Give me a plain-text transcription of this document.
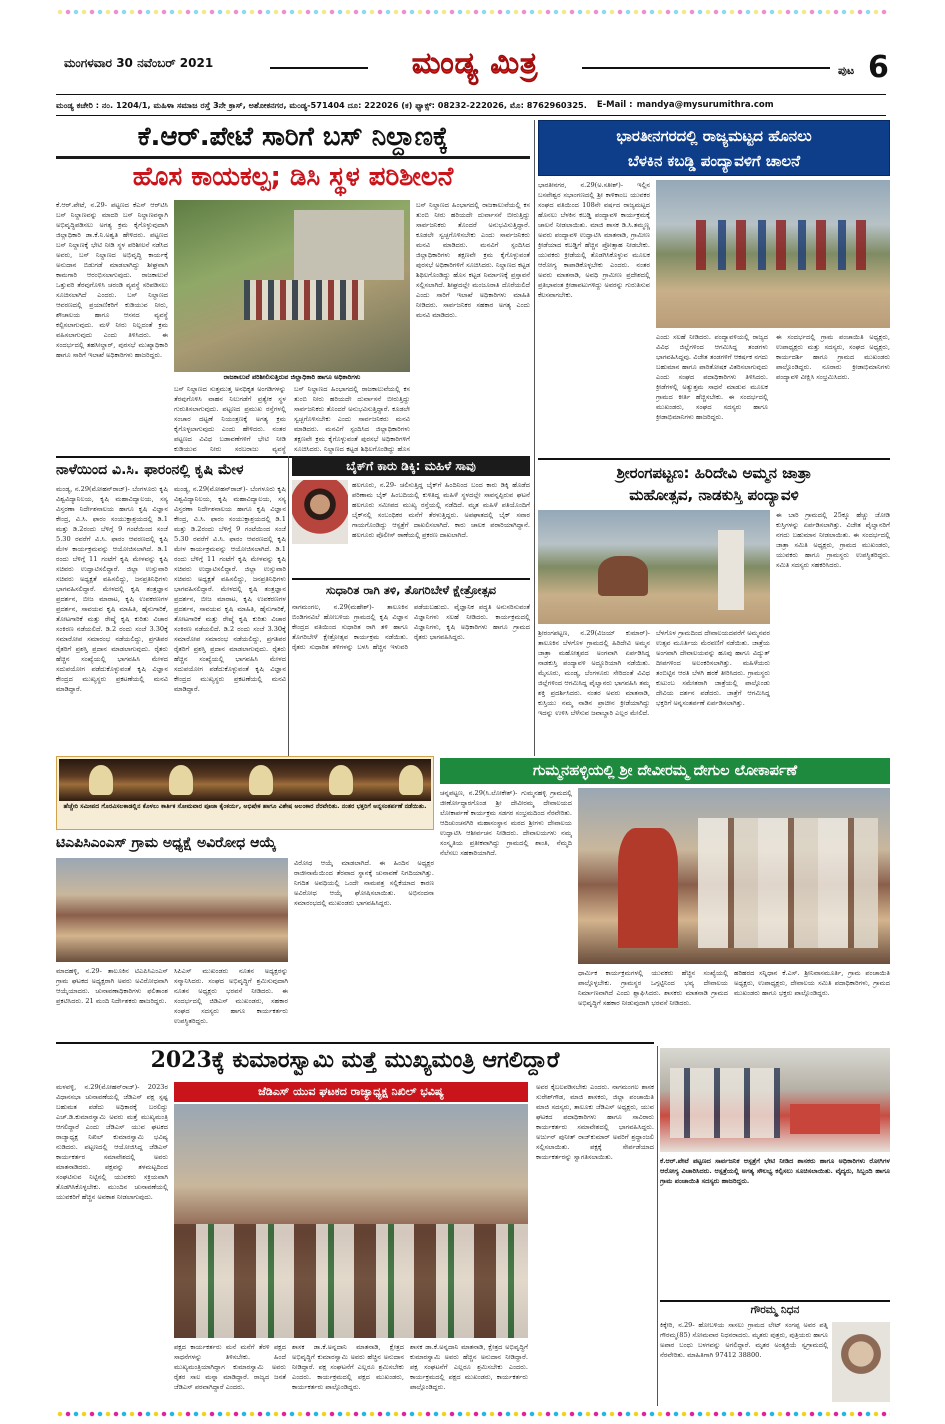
ಮಂಗಳವಾರ 30 ನವೆಂಬರ್ 2021	ಮಂಡ್ಯ ಮಿತ್ರ	ಪುಟ 6
ಮಂಡ್ಯ ಕಚೇರಿ : ನಂ. 1204/1, ಮಹಿಳಾ ಸಮಾಜ ರಸ್ತೆ 3ನೇ ಕ್ರಾಸ್, ಅಶೋಕನಗರ, ಮಂಡ್ಯ-571404 ದೂ: 222026 (ಕ) ಫ್ಯಾಕ್ಸ್: 08232-222026, ಮೊ: 8762960325. E-Mail : mandya@mysurumithra.com
ಕೆ.ಆರ್.ಪೇಟೆ ಸಾರಿಗೆ ಬಸ್ ನಿಲ್ದಾಣಕ್ಕೆ
ಹೊಸ ಕಾಯಕಲ್ಪ; ಡಿಸಿ ಸ್ಥಳ ಪರಿಶೀಲನೆ
ಕೆ.ಆರ್.ಪೇಟೆ, ನ.29- ಪಟ್ಟಣದ ಕೆಎಸ್ ಆರ್‌ಟಿಸಿ ಬಸ್ ನಿಲ್ದಾಣವನ್ನು ಮಾದರಿ ಬಸ್ ನಿಲ್ದಾಣವನ್ನಾಗಿ ಅಭಿವೃದ್ಧಿಪಡಿಸಲು ಅಗತ್ಯ ಕ್ರಮ ಕೈಗೊಳ್ಳುವುದಾಗಿ ಜಿಲ್ಲಾಧಿಕಾರಿ ಡಾ.ಕೆ.ನಿ.ಅಶ್ವತಿ ಹೇಳಿದರು. ಪಟ್ಟಣದ ಬಸ್ ನಿಲ್ದಾಣಕ್ಕೆ ಭೇಟಿ ನೀಡಿ ಸ್ಥಳ ಪರಿಶೀಲನೆ ನಡೆಸಿದ ಅವರು, ಬಸ್ ನಿಲ್ದಾಣದ ಅಭಿವೃದ್ಧಿ ಕಾರ್ಯಕ್ಕೆ ಅನುದಾನ ಬಿಡುಗಡೆ ಮಾಡಲಾಗಿದ್ದು ಶೀಘ್ರವಾಗಿ ಕಾಮಗಾರಿ ಆರಂಭಿಸಲಾಗುವುದು. ರಾಜಕಾಲುವೆ ಒತ್ತುವರಿ ತೆರವುಗೊಳಿಸಿ ಚರಂಡಿ ವ್ಯವಸ್ಥೆ ಸರಿಪಡಿಸಲು ಸೂಚಿಸಲಾಗಿದೆ ಎಂದರು. ಬಸ್ ನಿಲ್ದಾಣದ ಆವರಣದಲ್ಲಿ ಪ್ರಯಾಣಿಕರಿಗೆ ಕುಡಿಯುವ ನೀರು, ಶೌಚಾಲಯ ಹಾಗೂ ಆಸನದ ವ್ಯವಸ್ಥೆ ಕಲ್ಪಿಸಲಾಗುವುದು. ಮಳೆ ನೀರು ನಿಲ್ಲದಂತೆ ಕ್ರಮ ವಹಿಸಲಾಗುವುದು ಎಂದು ತಿಳಿಸಿದರು. ಈ ಸಂದರ್ಭದಲ್ಲಿ ತಹಸೀಲ್ದಾರ್, ಪುರಸಭೆ ಮುಖ್ಯಾಧಿಕಾರಿ ಹಾಗೂ ಸಾರಿಗೆ ಇಲಾಖೆ ಅಧಿಕಾರಿಗಳು ಹಾಜರಿದ್ದರು.
ರಾಜಕಾಲುವೆ ಪರಿಶೀಲಿಸುತ್ತಿರುವ ಜಿಲ್ಲಾಧಿಕಾರಿ ಹಾಗೂ ಅಧಿಕಾರಿಗಳು
ಬಸ್ ನಿಲ್ದಾಣದ ಸುತ್ತಮುತ್ತ ಅನಧಿಕೃತ ಅಂಗಡಿಗಳನ್ನು ತೆರವುಗೊಳಿಸಿ ವಾಹನ ನಿಲುಗಡೆಗೆ ಪ್ರತ್ಯೇಕ ಸ್ಥಳ ಗುರುತಿಸಲಾಗುವುದು. ಪಟ್ಟಣದ ಪ್ರಮುಖ ರಸ್ತೆಗಳಲ್ಲಿ ಸಂಚಾರ ದಟ್ಟಣೆ ನಿಯಂತ್ರಣಕ್ಕೆ ಅಗತ್ಯ ಕ್ರಮ ಕೈಗೊಳ್ಳಲಾಗುವುದು ಎಂದು ಹೇಳಿದರು. ನಂತರ ಪಟ್ಟಣದ ವಿವಿಧ ಬಡಾವಣೆಗಳಿಗೆ ಭೇಟಿ ನೀಡಿ ಕುಡಿಯುವ ನೀರು ಸರಬರಾಜು ವ್ಯವಸ್ಥೆ
ಬಸ್ ನಿಲ್ದಾಣದ ಹಿಂಭಾಗದಲ್ಲಿ ರಾಜಕಾಲುವೆಯಲ್ಲಿ ಕಸ ತುಂಬಿ ನೀರು ಹರಿಯದೇ ದುರ್ವಾಸನೆ ಬೀರುತ್ತಿದ್ದು ಸಾರ್ವಜನಿಕರು ತೊಂದರೆ ಅನುಭವಿಸುತ್ತಿದ್ದಾರೆ. ಕೂಡಲೇ ಸ್ವಚ್ಛಗೊಳಿಸಬೇಕು ಎಂದು ಸಾರ್ವಜನಿಕರು ಮನವಿ ಮಾಡಿದರು. ಮನವಿಗೆ ಸ್ಪಂದಿಸಿದ ಜಿಲ್ಲಾಧಿಕಾರಿಗಳು ತಕ್ಷಣವೇ ಕ್ರಮ ಕೈಗೊಳ್ಳುವಂತೆ ಪುರಸಭೆ ಅಧಿಕಾರಿಗಳಿಗೆ ಸೂಚಿಸಿದರು. ನಿಲ್ದಾಣದ ಕಟ್ಟಡ ಶಿಥಿಲಗೊಂಡಿದ್ದು ಹೊಸ
ಬಸ್ ನಿಲ್ದಾಣದ ಹಿಂಭಾಗದಲ್ಲಿ ರಾಜಕಾಲುವೆಯಲ್ಲಿ ಕಸ ತುಂಬಿ ನೀರು ಹರಿಯದೇ ದುರ್ವಾಸನೆ ಬೀರುತ್ತಿದ್ದು ಸಾರ್ವಜನಿಕರು ತೊಂದರೆ ಅನುಭವಿಸುತ್ತಿದ್ದಾರೆ. ಕೂಡಲೇ ಸ್ವಚ್ಛಗೊಳಿಸಬೇಕು ಎಂದು ಸಾರ್ವಜನಿಕರು ಮನವಿ ಮಾಡಿದರು. ಮನವಿಗೆ ಸ್ಪಂದಿಸಿದ ಜಿಲ್ಲಾಧಿಕಾರಿಗಳು ತಕ್ಷಣವೇ ಕ್ರಮ ಕೈಗೊಳ್ಳುವಂತೆ ಪುರಸಭೆ ಅಧಿಕಾರಿಗಳಿಗೆ ಸೂಚಿಸಿದರು. ನಿಲ್ದಾಣದ ಕಟ್ಟಡ ಶಿಥಿಲಗೊಂಡಿದ್ದು ಹೊಸ ಕಟ್ಟಡ ನಿರ್ಮಾಣಕ್ಕೆ ಪ್ರಸ್ತಾವನೆ ಸಲ್ಲಿಸಲಾಗಿದೆ. ಶೀಘ್ರದಲ್ಲೇ ಮಂಜೂರಾತಿ ದೊರೆಯಲಿದೆ ಎಂದು ಸಾರಿಗೆ ಇಲಾಖೆ ಅಧಿಕಾರಿಗಳು ಮಾಹಿತಿ ನೀಡಿದರು. ಸಾರ್ವಜನಿಕರ ಸಹಕಾರ ಅಗತ್ಯ ಎಂದು ಮನವಿ ಮಾಡಿದರು.
ನಾಳೆಯಿಂದ ವಿ.ಸಿ. ಫಾರಂನಲ್ಲಿ ಕೃಷಿ ಮೇಳ
ಮಂಡ್ಯ, ನ.29(ಮೋಹನ್‌ರಾಜ್)- ಬೆಂಗಳೂರು ಕೃಷಿ ವಿಶ್ವವಿದ್ಯಾನಿಲಯ, ಕೃಷಿ ಮಹಾವಿದ್ಯಾಲಯ, ಸಸ್ಯ ವಿಸ್ತರಣಾ ನಿರ್ದೇಶನಾಲಯ ಹಾಗೂ ಕೃಷಿ ವಿಜ್ಞಾನ ಕೇಂದ್ರ, ವಿ.ಸಿ. ಫಾರಂ ಸಂಯುಕ್ತಾಶ್ರಯದಲ್ಲಿ ಡಿ.1 ಮತ್ತು ಡಿ.2ರಂದು ಬೆಳಿಗ್ಗೆ 9 ಗಂಟೆಯಿಂದ ಸಂಜೆ 5.30 ರವರೆಗೆ ವಿ.ಸಿ. ಫಾರಂ ಆವರಣದಲ್ಲಿ ಕೃಷಿ ಮೇಳ ಕಾರ್ಯಕ್ರಮವನ್ನು ಆಯೋಜಿಸಲಾಗಿದೆ. ಡಿ.1 ರಂದು ಬೆಳಿಗ್ಗೆ 11 ಗಂಟೆಗೆ ಕೃಷಿ ಮೇಳವನ್ನು ಕೃಷಿ ಸಚಿವರು ಉದ್ಘಾಟಿಸಲಿದ್ದಾರೆ. ಜಿಲ್ಲಾ ಉಸ್ತುವಾರಿ ಸಚಿವರು ಅಧ್ಯಕ್ಷತೆ ವಹಿಸಲಿದ್ದು, ಜನಪ್ರತಿನಿಧಿಗಳು ಭಾಗವಹಿಸಲಿದ್ದಾರೆ. ಮೇಳದಲ್ಲಿ ಕೃಷಿ ತಂತ್ರಜ್ಞಾನ ಪ್ರದರ್ಶನ, ಬೀಜ ಮಾರಾಟ, ಕೃಷಿ ಉಪಕರಣಗಳ ಪ್ರದರ್ಶನ, ಸಾವಯವ ಕೃಷಿ ಮಾಹಿತಿ, ಹೈನುಗಾರಿಕೆ, ತೋಟಗಾರಿಕೆ ಮತ್ತು ರೇಷ್ಮೆ ಕೃಷಿ ಕುರಿತು ವಿಚಾರ ಸಂಕಿರಣ ನಡೆಯಲಿದೆ. ಡಿ.2 ರಂದು ಸಂಜೆ 3.30ಕ್ಕೆ ಸಮಾರೋಪ ಸಮಾರಂಭ ನಡೆಯಲಿದ್ದು, ಪ್ರಗತಿಪರ ರೈತರಿಗೆ ಪ್ರಶಸ್ತಿ ಪ್ರದಾನ ಮಾಡಲಾಗುವುದು. ರೈತರು ಹೆಚ್ಚಿನ ಸಂಖ್ಯೆಯಲ್ಲಿ ಭಾಗವಹಿಸಿ ಮೇಳದ ಸದುಪಯೋಗ ಪಡೆದುಕೊಳ್ಳುವಂತೆ ಕೃಷಿ ವಿಜ್ಞಾನ ಕೇಂದ್ರದ ಮುಖ್ಯಸ್ಥರು ಪ್ರಕಟಣೆಯಲ್ಲಿ ಮನವಿ ಮಾಡಿದ್ದಾರೆ.
ಮಂಡ್ಯ, ನ.29(ಮೋಹನ್‌ರಾಜ್)- ಬೆಂಗಳೂರು ಕೃಷಿ ವಿಶ್ವವಿದ್ಯಾನಿಲಯ, ಕೃಷಿ ಮಹಾವಿದ್ಯಾಲಯ, ಸಸ್ಯ ವಿಸ್ತರಣಾ ನಿರ್ದೇಶನಾಲಯ ಹಾಗೂ ಕೃಷಿ ವಿಜ್ಞಾನ ಕೇಂದ್ರ, ವಿ.ಸಿ. ಫಾರಂ ಸಂಯುಕ್ತಾಶ್ರಯದಲ್ಲಿ ಡಿ.1 ಮತ್ತು ಡಿ.2ರಂದು ಬೆಳಿಗ್ಗೆ 9 ಗಂಟೆಯಿಂದ ಸಂಜೆ 5.30 ರವರೆಗೆ ವಿ.ಸಿ. ಫಾರಂ ಆವರಣದಲ್ಲಿ ಕೃಷಿ ಮೇಳ ಕಾರ್ಯಕ್ರಮವನ್ನು ಆಯೋಜಿಸಲಾಗಿದೆ. ಡಿ.1 ರಂದು ಬೆಳಿಗ್ಗೆ 11 ಗಂಟೆಗೆ ಕೃಷಿ ಮೇಳವನ್ನು ಕೃಷಿ ಸಚಿವರು ಉದ್ಘಾಟಿಸಲಿದ್ದಾರೆ. ಜಿಲ್ಲಾ ಉಸ್ತುವಾರಿ ಸಚಿವರು ಅಧ್ಯಕ್ಷತೆ ವಹಿಸಲಿದ್ದು, ಜನಪ್ರತಿನಿಧಿಗಳು ಭಾಗವಹಿಸಲಿದ್ದಾರೆ. ಮೇಳದಲ್ಲಿ ಕೃಷಿ ತಂತ್ರಜ್ಞಾನ ಪ್ರದರ್ಶನ, ಬೀಜ ಮಾರಾಟ, ಕೃಷಿ ಉಪಕರಣಗಳ ಪ್ರದರ್ಶನ, ಸಾವಯವ ಕೃಷಿ ಮಾಹಿತಿ, ಹೈನುಗಾರಿಕೆ, ತೋಟಗಾರಿಕೆ ಮತ್ತು ರೇಷ್ಮೆ ಕೃಷಿ ಕುರಿತು ವಿಚಾರ ಸಂಕಿರಣ ನಡೆಯಲಿದೆ. ಡಿ.2 ರಂದು ಸಂಜೆ 3.30ಕ್ಕೆ ಸಮಾರೋಪ ಸಮಾರಂಭ ನಡೆಯಲಿದ್ದು, ಪ್ರಗತಿಪರ ರೈತರಿಗೆ ಪ್ರಶಸ್ತಿ ಪ್ರದಾನ ಮಾಡಲಾಗುವುದು. ರೈತರು ಹೆಚ್ಚಿನ ಸಂಖ್ಯೆಯಲ್ಲಿ ಭಾಗವಹಿಸಿ ಮೇಳದ ಸದುಪಯೋಗ ಪಡೆದುಕೊಳ್ಳುವಂತೆ ಕೃಷಿ ವಿಜ್ಞಾನ ಕೇಂದ್ರದ ಮುಖ್ಯಸ್ಥರು ಪ್ರಕಟಣೆಯಲ್ಲಿ ಮನವಿ ಮಾಡಿದ್ದಾರೆ.
ಬೈಕ್‌ಗೆ ಕಾರು ಡಿಕ್ಕಿ: ಮಹಿಳೆ ಸಾವು
ಹಲಗೂರು, ನ.29- ಚಲಿಸುತ್ತಿದ್ದ ಬೈಕ್‌ಗೆ ಹಿಂದಿನಿಂದ ಬಂದ ಕಾರು ಡಿಕ್ಕಿ ಹೊಡೆದ ಪರಿಣಾಮ ಬೈಕ್ ಹಿಂಬದಿಯಲ್ಲಿ ಕುಳಿತಿದ್ದ ಮಹಿಳೆ ಸ್ಥಳದಲ್ಲೇ ಸಾವನ್ನಪ್ಪಿರುವ ಘಟನೆ ಹಲಗೂರು ಸಮೀಪದ ಮುಖ್ಯ ರಸ್ತೆಯಲ್ಲಿ ನಡೆದಿದೆ. ಮೃತ ಮಹಿಳೆ ಪತಿಯೊಂದಿಗೆ ಬೈಕ್‌ನಲ್ಲಿ ಸಂಬಂಧಿಕರ ಮನೆಗೆ ತೆರಳುತ್ತಿದ್ದರು. ಅಪಘಾತದಲ್ಲಿ ಬೈಕ್ ಸವಾರ ಗಾಯಗೊಂಡಿದ್ದು ಆಸ್ಪತ್ರೆಗೆ ದಾಖಲಿಸಲಾಗಿದೆ. ಕಾರು ಚಾಲಕ ಪರಾರಿಯಾಗಿದ್ದಾನೆ. ಹಲಗೂರು ಪೊಲೀಸ್ ಠಾಣೆಯಲ್ಲಿ ಪ್ರಕರಣ ದಾಖಲಾಗಿದೆ.
ಸುಧಾರಿತ ರಾಗಿ ತಳಿ, ತೊಗರಿಬೇಳೆ ಕ್ಷೇತ್ರೋತ್ಸವ
ನಾಗಮಂಗಲ, ನ.29(ಮಹೇಶ್)- ತಾಲೂಕಿನ ಬಿಂಡಿಗನವಿಲೆ ಹೋಬಳಿಯ ಗ್ರಾಮದಲ್ಲಿ ಕೃಷಿ ವಿಜ್ಞಾನ ಕೇಂದ್ರದ ವತಿಯಿಂದ ಸುಧಾರಿತ ರಾಗಿ ತಳಿ ಹಾಗೂ ತೊಗರಿಬೇಳೆ ಕ್ಷೇತ್ರೋತ್ಸವ ಕಾರ್ಯಕ್ರಮ ನಡೆಯಿತು. ರೈತರು ಸುಧಾರಿತ ತಳಿಗಳನ್ನು ಬಳಸಿ ಹೆಚ್ಚಿನ ಇಳುವರಿ ಪಡೆಯಬಹುದು. ವೈಜ್ಞಾನಿಕ ಪದ್ಧತಿ ಅನುಸರಿಸುವಂತೆ ವಿಜ್ಞಾನಿಗಳು ಸಲಹೆ ನೀಡಿದರು. ಕಾರ್ಯಕ್ರಮದಲ್ಲಿ ವಿಜ್ಞಾನಿಗಳು, ಕೃಷಿ ಅಧಿಕಾರಿಗಳು ಹಾಗೂ ಗ್ರಾಮದ ರೈತರು ಭಾಗವಹಿಸಿದ್ದರು.
ಭಾರತೀನಗರದಲ್ಲಿ ರಾಜ್ಯಮಟ್ಟದ ಹೊನಲು
ಬೆಳಕಿನ ಕಬಡ್ಡಿ ಪಂದ್ಯಾವಳಿಗೆ ಚಾಲನೆ
ಭಾರತೀನಗರ, ನ.29(ಅ.ಸತೀಶ್)- ಇಲ್ಲಿನ ಬಸವೇಶ್ವರ ಸಭಾಂಗಣದಲ್ಲಿ ಶ್ರೀ ಕಾಳಿಕಾಂಬ ಯುವಕರ ಸಂಘದ ವತಿಯಿಂದ 108ನೇ ವರ್ಷದ ರಾಜ್ಯಮಟ್ಟದ ಹೊನಲು ಬೆಳಕಿನ ಕಬಡ್ಡಿ ಪಂದ್ಯಾವಳಿ ಕಾರ್ಯಕ್ರಮಕ್ಕೆ ಚಾಲನೆ ನೀಡಲಾಯಿತು. ಮಾಜಿ ಶಾಸಕ ಡಿ.ಸಿ.ತಮ್ಮಣ್ಣ ಅವರು ಪಂದ್ಯಾವಳಿ ಉದ್ಘಾಟಿಸಿ ಮಾತನಾಡಿ, ಗ್ರಾಮೀಣ ಕ್ರೀಡೆಯಾದ ಕಬಡ್ಡಿಗೆ ಹೆಚ್ಚಿನ ಪ್ರೋತ್ಸಾಹ ನೀಡಬೇಕು. ಯುವಕರು ಕ್ರೀಡೆಯಲ್ಲಿ ತೊಡಗಿಸಿಕೊಳ್ಳುವ ಮೂಲಕ ಆರೋಗ್ಯ ಕಾಪಾಡಿಕೊಳ್ಳಬೇಕು ಎಂದರು. ನಂತರ ಅವರು ಮಾತನಾಡಿ, ಅವಧಿ ಗ್ರಾಮೀಣ ಪ್ರದೇಶದಲ್ಲಿ ಪ್ರತಿಭಾವಂತ ಕ್ರೀಡಾಪಟುಗಳಿದ್ದು ಅವರನ್ನು ಗುರುತಿಸುವ ಕೆಲಸವಾಗಬೇಕು.
ಎಂದು ಸಲಹೆ ನೀಡಿದರು. ಪಂದ್ಯಾವಳಿಯಲ್ಲಿ ರಾಜ್ಯದ ವಿವಿಧ ಜಿಲ್ಲೆಗಳಿಂದ ಆಗಮಿಸಿದ್ದ ತಂಡಗಳು ಭಾಗವಹಿಸಿದ್ದವು. ವಿಜೇತ ತಂಡಗಳಿಗೆ ಆಕರ್ಷಕ ನಗದು ಬಹುಮಾನ ಹಾಗೂ ಪಾರಿತೋಷಕ ವಿತರಿಸಲಾಗುವುದು ಎಂದು ಸಂಘದ ಪದಾಧಿಕಾರಿಗಳು ತಿಳಿಸಿದರು. ಕ್ರೀಡೆಗಳಲ್ಲಿ ಅತ್ಯುತ್ತಮ ಸಾಧನೆ ಮಾಡುವ ಮೂಲಕ ಗ್ರಾಮದ ಕೀರ್ತಿ ಹೆಚ್ಚಿಸಬೇಕು. ಈ ಸಂದರ್ಭದಲ್ಲಿ ಮುಖಂಡರು, ಸಂಘದ ಸದಸ್ಯರು ಹಾಗೂ ಕ್ರೀಡಾಭಿಮಾನಿಗಳು ಹಾಜರಿದ್ದರು.
ಈ ಸಂದರ್ಭದಲ್ಲಿ ಗ್ರಾಮ ಪಂಚಾಯಿತಿ ಅಧ್ಯಕ್ಷರು, ಉಪಾಧ್ಯಕ್ಷರು ಮತ್ತು ಸದಸ್ಯರು, ಸಂಘದ ಅಧ್ಯಕ್ಷರು, ಕಾರ್ಯದರ್ಶಿ ಹಾಗೂ ಗ್ರಾಮದ ಮುಖಂಡರು ಪಾಲ್ಗೊಂಡಿದ್ದರು. ನೂರಾರು ಕ್ರೀಡಾಭಿಮಾನಿಗಳು ಪಂದ್ಯಾವಳಿ ವೀಕ್ಷಿಸಿ ಸಂಭ್ರಮಿಸಿದರು.
ಶ್ರೀರಂಗಪಟ್ಟಣ: ಹಿರಿದೇವಿ ಅಮ್ಮನ ಜಾತ್ರಾ
ಮಹೋತ್ಸವ, ನಾಡಕುಸ್ತಿ ಪಂದ್ಯಾವಳಿ
ಈ ಬಾರಿ ಗ್ರಾಮದಲ್ಲಿ 25ಕ್ಕೂ ಹೆಚ್ಚು ಜೋಡಿ ಕುಸ್ತಿಗಳನ್ನು ಏರ್ಪಡಿಸಲಾಗಿತ್ತು. ವಿಜೇತ ಪೈಲ್ವಾನರಿಗೆ ನಗದು ಬಹುಮಾನ ನೀಡಲಾಯಿತು. ಈ ಸಂದರ್ಭದಲ್ಲಿ ಜಾತ್ರಾ ಸಮಿತಿ ಅಧ್ಯಕ್ಷರು, ಗ್ರಾಮದ ಮುಖಂಡರು, ಯುವಕರು ಹಾಗೂ ಗ್ರಾಮಸ್ಥರು ಉಪಸ್ಥಿತರಿದ್ದರು. ಸಮಿತಿ ಸದಸ್ಯರು ಸಹಕರಿಸಿದರು.
ಶ್ರೀರಂಗಪಟ್ಟಣ, ನ.29(ವಿಜಯ್ ಕುಮಾರ್)- ತಾಲೂಕಿನ ಬೆಳಗೊಳ ಗ್ರಾಮದಲ್ಲಿ ಹಿರಿದೇವಿ ಅಮ್ಮನ ಜಾತ್ರಾ ಮಹೋತ್ಸವದ ಅಂಗವಾಗಿ ಏರ್ಪಡಿಸಿದ್ದ ನಾಡಕುಸ್ತಿ ಪಂದ್ಯಾವಳಿ ಅದ್ದೂರಿಯಾಗಿ ನಡೆಯಿತು. ಮೈಸೂರು, ಮಂಡ್ಯ, ಬೆಂಗಳೂರು ಸೇರಿದಂತೆ ವಿವಿಧ ಜಿಲ್ಲೆಗಳಿಂದ ಆಗಮಿಸಿದ್ದ ಪೈಲ್ವಾನರು ಭಾಗವಹಿಸಿ ತಮ್ಮ ಶಕ್ತಿ ಪ್ರದರ್ಶಿಸಿದರು. ನಂತರ ಅವರು ಮಾತನಾಡಿ, ಕುಸ್ತಿಯು ನಮ್ಮ ನಾಡಿನ ಪ್ರಾಚೀನ ಕ್ರೀಡೆಯಾಗಿದ್ದು ಇದನ್ನು ಉಳಿಸಿ ಬೆಳೆಸುವ ಜವಾಬ್ದಾರಿ ಎಲ್ಲರ ಮೇಲಿದೆ.
ಬೆಳಗೊಳ ಗ್ರಾಮದಿಂದ ದೇವಾಲಯದವರೆಗೆ ಅಮ್ಮನವರ ಉತ್ಸವ ಮೂರ್ತಿಯ ಮೆರವಣಿಗೆ ನಡೆಯಿತು. ಜಾತ್ರೆಯ ಅಂಗವಾಗಿ ದೇವಾಲಯವನ್ನು ಹೂವು ಹಾಗೂ ವಿದ್ಯುತ್ ದೀಪಗಳಿಂದ ಅಲಂಕರಿಸಲಾಗಿತ್ತು. ಮಹಿಳೆಯರು ತಂಬಿಟ್ಟಿನ ಆರತಿ ಬೆಳಗಿ ಹರಕೆ ತೀರಿಸಿದರು. ಗ್ರಾಮಸ್ಥರು ಕುಟುಂಬ ಸಮೇತರಾಗಿ ಜಾತ್ರೆಯಲ್ಲಿ ಪಾಲ್ಗೊಂಡು ದೇವಿಯ ದರ್ಶನ ಪಡೆದರು. ಜಾತ್ರೆಗೆ ಆಗಮಿಸಿದ್ದ ಭಕ್ತರಿಗೆ ಅನ್ನಸಂತರ್ಪಣೆ ಏರ್ಪಡಿಸಲಾಗಿತ್ತು.
ಹೆಚ್ಚೇರಿ ಸಮೀಪದ ಗೊರವಿಸಲಕಾಡಲ್ಲಿನ ಕೊಳಲು ಕಾರ್ತಿಕ ಸೋಮವಾರ ಪೂಜಾ ಕೈಂಕರ್ಯ, ಅಭಿಷೇಕ ಹಾಗೂ ವಿಶೇಷ ಅಲಂಕಾರ ನೆರವೇರಿತು. ನಂತರ ಭಕ್ತರಿಗೆ ಅನ್ನಸಂತರ್ಪಣೆ ನಡೆಯಿತು.
ಟಿಎಪಿಸಿಎಂಎಸ್ ಗ್ರಾಮ ಅಧ್ಯಕ್ಷೆ ಅವಿರೋಧ ಆಯ್ಕೆ
ಮಾದಹಳ್ಳಿ, ನ.29- ತಾಲೂಕಿನ ಟಿಎಪಿಸಿಎಂಎಸ್ ಗ್ರಾಮ ಘಟಕದ ಅಧ್ಯಕ್ಷರಾಗಿ ಅವರು ಅವಿರೋಧವಾಗಿ ಆಯ್ಕೆಯಾದರು. ಚುನಾವಣಾಧಿಕಾರಿಗಳು ಫಲಿತಾಂಶ ಪ್ರಕಟಿಸಿದರು. 21 ಮಂದಿ ನಿರ್ದೇಶಕರು ಹಾಜರಿದ್ದರು.
ಸಿಪಿಎಸ್ ಮುಖಂಡರು ನೂತನ ಅಧ್ಯಕ್ಷರನ್ನು ಸನ್ಮಾನಿಸಿದರು. ಸಂಘದ ಅಭಿವೃದ್ಧಿಗೆ ಶ್ರಮಿಸುವುದಾಗಿ ನೂತನ ಅಧ್ಯಕ್ಷರು ಭರವಸೆ ನೀಡಿದರು. ಈ ಸಂದರ್ಭದಲ್ಲಿ ಜಿಡಿಎಸ್ ಮುಖಂಡರು, ಸಹಕಾರ ಸಂಘದ ಸದಸ್ಯರು ಹಾಗೂ ಕಾರ್ಯಕರ್ತರು ಉಪಸ್ಥಿತರಿದ್ದರು.
ವಿರೋಧ ಆಯ್ಕೆ ಮಾಡಲಾಗಿದೆ. ಈ ಹಿಂದಿನ ಅಧ್ಯಕ್ಷರ ರಾಜೀನಾಮೆಯಿಂದ ತೆರವಾದ ಸ್ಥಾನಕ್ಕೆ ಚುನಾವಣೆ ನಿಗದಿಯಾಗಿತ್ತು. ನಿಗದಿತ ಅವಧಿಯಲ್ಲಿ ಒಂದೇ ನಾಮಪತ್ರ ಸಲ್ಲಿಕೆಯಾದ ಕಾರಣ ಅವಿರೋಧ ಆಯ್ಕೆ ಘೋಷಿಸಲಾಯಿತು. ಅಭಿನಂದನಾ ಸಮಾರಂಭದಲ್ಲಿ ಮುಖಂಡರು ಭಾಗವಹಿಸಿದ್ದರು.
ಗುಮ್ಮನಹಳ್ಳಿಯಲ್ಲಿ ಶ್ರೀ ದೇವೀರಮ್ಮ ದೇಗುಲ ಲೋಕಾರ್ಪಣೆ
ಚನ್ನಪಟ್ಟಣ, ನ.29(ಸಿ.ಲೋಕೇಶ್)- ಗುಮ್ಮನಹಳ್ಳಿ ಗ್ರಾಮದಲ್ಲಿ ಜೀರ್ಣೋದ್ಧಾರಗೊಂಡ ಶ್ರೀ ದೇವೀರಮ್ಮ ದೇವಾಲಯದ ಲೋಕಾರ್ಪಣೆ ಕಾರ್ಯಕ್ರಮ ಸಡಗರ ಸಂಭ್ರಮದಿಂದ ನೆರವೇರಿತು. ಆದಿಚುಂಚನಗಿರಿ ಮಹಾಸಂಸ್ಥಾನ ಮಠದ ಶ್ರೀಗಳು ದೇವಾಲಯ ಉದ್ಘಾಟಿಸಿ ಆಶೀರ್ವಚನ ನೀಡಿದರು. ದೇವಾಲಯಗಳು ನಮ್ಮ ಸಂಸ್ಕೃತಿಯ ಪ್ರತೀಕವಾಗಿದ್ದು ಗ್ರಾಮದಲ್ಲಿ ಶಾಂತಿ, ನೆಮ್ಮದಿ ನೆಲೆಸಲು ಸಹಕಾರಿಯಾಗಿದೆ.
ಧಾರ್ಮಿಕ ಕಾರ್ಯಕ್ರಮಗಳಲ್ಲಿ ಯುವಕರು ಹೆಚ್ಚಿನ ಸಂಖ್ಯೆಯಲ್ಲಿ ಪಾಲ್ಗೊಳ್ಳಬೇಕು. ಗ್ರಾಮಸ್ಥರ ಒಗ್ಗಟ್ಟಿನಿಂದ ಭವ್ಯ ದೇವಾಲಯ ನಿರ್ಮಾಣವಾಗಿದೆ ಎಂದು ಶ್ಲಾಘಿಸಿದರು. ಶಾಸಕರು ಮಾತನಾಡಿ ಗ್ರಾಮದ ಅಭಿವೃದ್ಧಿಗೆ ಸಹಕಾರ ನೀಡುವುದಾಗಿ ಭರವಸೆ ನೀಡಿದರು.
ಹರಿಹರದ ಸನ್ನಿಧಾನ ಕೆ.ಎಸ್. ಶ್ರೀನಿವಾಸಮೂರ್ತಿ, ಗ್ರಾಮ ಪಂಚಾಯಿತಿ ಅಧ್ಯಕ್ಷರು, ಉಪಾಧ್ಯಕ್ಷರು, ದೇವಾಲಯ ಸಮಿತಿ ಪದಾಧಿಕಾರಿಗಳು, ಗ್ರಾಮದ ಮುಖಂಡರು ಹಾಗೂ ಭಕ್ತರು ಪಾಲ್ಗೊಂಡಿದ್ದರು.
2023ಕ್ಕೆ ಕುಮಾರಸ್ವಾಮಿ ಮತ್ತೆ ಮುಖ್ಯಮಂತ್ರಿ ಆಗಲಿದ್ದಾರೆ
ಮಳವಳ್ಳಿ, ನ.29(ಮೋಹನ್‌ರಾಜ್)- 2023ರ ವಿಧಾನಸಭಾ ಚುನಾವಣೆಯಲ್ಲಿ ಜೆಡಿಎಸ್ ಪಕ್ಷ ಸ್ಪಷ್ಟ ಬಹುಮತ ಪಡೆದು ಅಧಿಕಾರಕ್ಕೆ ಬರಲಿದ್ದು ಎಚ್.ಡಿ.ಕುಮಾರಸ್ವಾಮಿ ಅವರು ಮತ್ತೆ ಮುಖ್ಯಮಂತ್ರಿ ಆಗಲಿದ್ದಾರೆ ಎಂದು ಜೆಡಿಎಸ್ ಯುವ ಘಟಕದ ರಾಜ್ಯಾಧ್ಯಕ್ಷ ನಿಖಿಲ್ ಕುಮಾರಸ್ವಾಮಿ ಭವಿಷ್ಯ ನುಡಿದರು. ಪಟ್ಟಣದಲ್ಲಿ ಆಯೋಜಿಸಿದ್ದ ಜೆಡಿಎಸ್ ಕಾರ್ಯಕರ್ತರ ಸಮಾವೇಶದಲ್ಲಿ ಅವರು ಮಾತನಾಡಿದರು. ಪಕ್ಷವನ್ನು ತಳಮಟ್ಟದಿಂದ ಸಂಘಟಿಸುವ ನಿಟ್ಟಿನಲ್ಲಿ ಯುವಕರು ಸಕ್ರಿಯವಾಗಿ ತೊಡಗಿಸಿಕೊಳ್ಳಬೇಕು. ಮುಂದಿನ ಚುನಾವಣೆಯಲ್ಲಿ ಯುವಕರಿಗೆ ಹೆಚ್ಚಿನ ಅವಕಾಶ ನೀಡಲಾಗುವುದು.
ಜೆಡಿಎಸ್ ಯುವ ಘಟಕದ ರಾಜ್ಯಾಧ್ಯಕ್ಷ ನಿಖಿಲ್ ಭವಿಷ್ಯ
ಪಕ್ಷದ ಕಾರ್ಯಕರ್ತರು ಮನೆ ಮನೆಗೆ ತೆರಳಿ ಪಕ್ಷದ ಸಾಧನೆಗಳನ್ನು ತಿಳಿಸಬೇಕು. ಹಿಂದೆ ಮುಖ್ಯಮಂತ್ರಿಯಾಗಿದ್ದಾಗ ಕುಮಾರಸ್ವಾಮಿ ಅವರು ರೈತರ ಸಾಲ ಮನ್ನಾ ಮಾಡಿದ್ದಾರೆ. ರಾಜ್ಯದ ಜನತೆ ಜೆಡಿಎಸ್ ಪರವಾಗಿದ್ದಾರೆ ಎಂದರು.
ಶಾಸಕ ಡಾ.ಕೆ.ಅನ್ನದಾನಿ ಮಾತನಾಡಿ, ಕ್ಷೇತ್ರದ ಅಭಿವೃದ್ಧಿಗೆ ಕುಮಾರಸ್ವಾಮಿ ಅವರು ಹೆಚ್ಚಿನ ಅನುದಾನ ನೀಡಿದ್ದಾರೆ. ಪಕ್ಷ ಸಂಘಟನೆಗೆ ಎಲ್ಲರೂ ಶ್ರಮಿಸಬೇಕು ಎಂದರು. ಕಾರ್ಯಕ್ರಮದಲ್ಲಿ ಪಕ್ಷದ ಮುಖಂಡರು, ಕಾರ್ಯಕರ್ತರು ಪಾಲ್ಗೊಂಡಿದ್ದರು.
ಶಾಸಕ ಡಾ.ಕೆ.ಅನ್ನದಾನಿ ಮಾತನಾಡಿ, ಕ್ಷೇತ್ರದ ಅಭಿವೃದ್ಧಿಗೆ ಕುಮಾರಸ್ವಾಮಿ ಅವರು ಹೆಚ್ಚಿನ ಅನುದಾನ ನೀಡಿದ್ದಾರೆ. ಪಕ್ಷ ಸಂಘಟನೆಗೆ ಎಲ್ಲರೂ ಶ್ರಮಿಸಬೇಕು ಎಂದರು. ಕಾರ್ಯಕ್ರಮದಲ್ಲಿ ಪಕ್ಷದ ಮುಖಂಡರು, ಕಾರ್ಯಕರ್ತರು ಪಾಲ್ಗೊಂಡಿದ್ದರು.
ಅವರ ಕೈಬಲಪಡಿಸಬೇಕು ಎಂದರು. ನಾಗಮಂಗಲ ಶಾಸಕ ಸುರೇಶ್‌ಗೌಡ, ಮಾಜಿ ಶಾಸಕರು, ಜಿಲ್ಲಾ ಪಂಚಾಯಿತಿ ಮಾಜಿ ಸದಸ್ಯರು, ತಾಲೂಕು ಜೆಡಿಎಸ್ ಅಧ್ಯಕ್ಷರು, ಯುವ ಘಟಕದ ಪದಾಧಿಕಾರಿಗಳು ಹಾಗೂ ಸಾವಿರಾರು ಕಾರ್ಯಕರ್ತರು ಸಮಾವೇಶದಲ್ಲಿ ಭಾಗವಹಿಸಿದ್ದರು. ಅರ್ಜುನ್ ಪುನೀತ್ ರಾಜ್‌ಕುಮಾರ್ ಅವರಿಗೆ ಶ್ರದ್ಧಾಂಜಲಿ ಸಲ್ಲಿಸಲಾಯಿತು. ಪಕ್ಷಕ್ಕೆ ಸೇರ್ಪಡೆಯಾದ ಕಾರ್ಯಕರ್ತರನ್ನು ಸ್ವಾಗತಿಸಲಾಯಿತು.	ಕೆ.ಆರ್.ಪೇಟೆ ಪಟ್ಟಣದ ಸಾರ್ವಜನಿಕ ಆಸ್ಪತ್ರೆಗೆ ಭೇಟಿ ನೀಡಿದ ಶಾಸಕರು ಹಾಗೂ ಅಧಿಕಾರಿಗಳು ರೋಗಿಗಳ ಆರೋಗ್ಯ ವಿಚಾರಿಸಿದರು. ಆಸ್ಪತ್ರೆಯಲ್ಲಿ ಅಗತ್ಯ ಸೌಲಭ್ಯ ಕಲ್ಪಿಸಲು ಸೂಚಿಸಲಾಯಿತು. ವೈದ್ಯರು, ಸಿಬ್ಬಂದಿ ಹಾಗೂ ಗ್ರಾಮ ಪಂಚಾಯಿತಿ ಸದಸ್ಯರು ಹಾಜರಿದ್ದರು.
ಗೌರಮ್ಮ ನಿಧನ
ಕಿಕ್ಕೇರಿ, ನ.29- ಹೋಬಳಿಯ ಸಾಸಲು ಗ್ರಾಮದ ಲೇಟ್ ಸಂಗಪ್ಪ ಅವರ ಪತ್ನಿ ಗೌರಮ್ಮ(85) ಸೋಮವಾರ ನಿಧನರಾದರು. ಮೃತರು ಪುತ್ರರು, ಪುತ್ರಿಯರು ಹಾಗೂ ಅಪಾರ ಬಂಧು ಬಳಗವನ್ನು ಅಗಲಿದ್ದಾರೆ. ಮೃತರ ಅಂತ್ಯಕ್ರಿಯೆ ಸ್ವಗ್ರಾಮದಲ್ಲಿ ನೆರವೇರಿತು. ಮಾಹಿತಿಗಾಗಿ 97412 38800.
